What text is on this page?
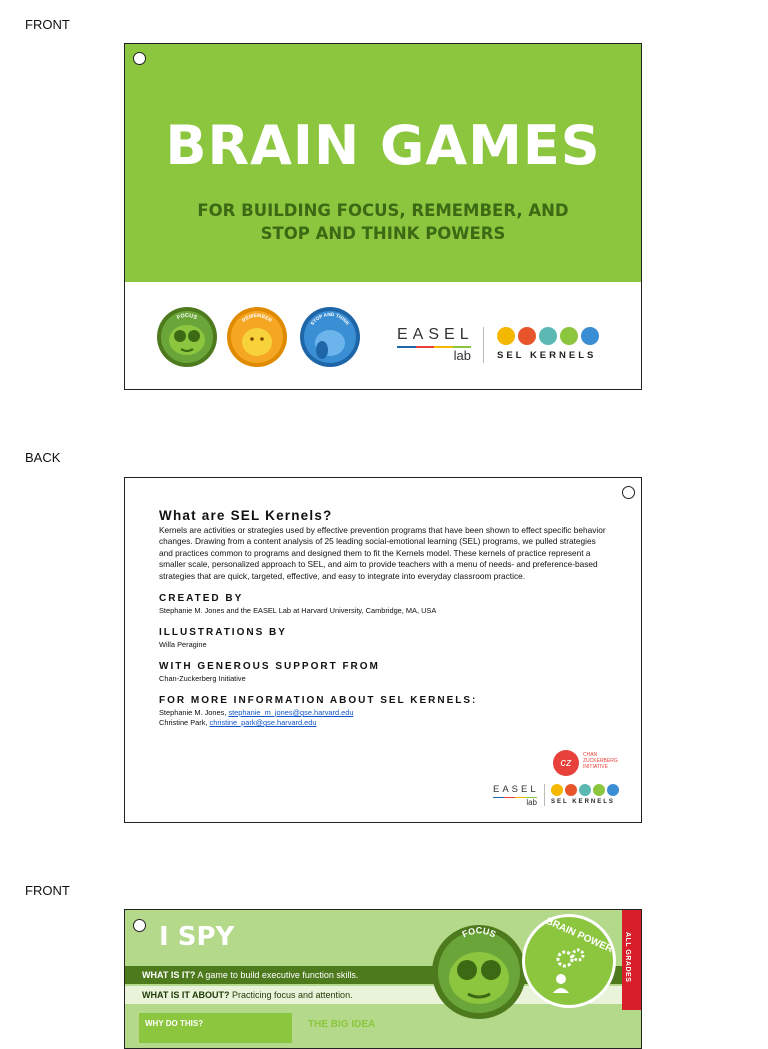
FRONT
BRAIN GAMES
FOR BUILDING FOCUS, REMEMBER, AND
STOP AND THINK POWERS
FOCUS	REMEMBER
STOP AND THINK
EASEL
lab	SEL KERNELS
BACK
What are SEL Kernels?

Kernels are activities or strategies used by effective prevention programs that have been shown to effect specific behavior changes. Drawing from a content analysis of 25 leading social-emotional learning (SEL) programs, we pulled strategies and practices common to programs and designed them to fit the Kernels model. These kernels of practice represent a smaller scale, personalized approach to SEL, and aim to provide teachers with a menu of needs- and preference-based strategies that are quick, targeted, effective, and easy to integrate into everyday classroom practice.

CREATED BY

Stephanie M. Jones and the EASEL Lab at Harvard University, Cambridge, MA, USA

ILLUSTRATIONS BY

Willa Peragine

WITH GENEROUS SUPPORT FROM

Chan-Zuckerberg Initiative

FOR MORE INFORMATION ABOUT SEL KERNELS:

Stephanie M. Jones, stephanie_m_jones@gse.harvard.edu

Christine Park, christine_park@gse.harvard.edu

cz
CHAN
ZUCKERBERG
INITIATIVE
EASEL
lab SEL KERNELS
FRONT
I SPY
WHAT IS IT? A game to build executive function skills.
WHAT IS IT ABOUT? Practicing focus and attention.
WHY DO THIS?	THE BIG IDEA
FOCUS	BRAIN POWER ALL GRADES
